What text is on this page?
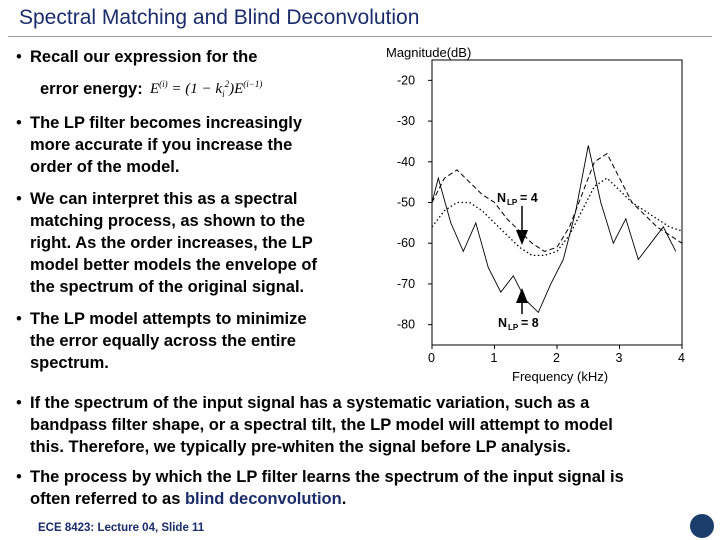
Spectral Matching and Blind Deconvolution
• Recall our expression for the
error energy: $E^{(i)} = (1 - k_i^2)E^{(i-1)}$
• The LP filter becomes increasingly
more accurate if you increase the
order of the model.
• We can interpret this as a spectral
matching process, as shown to the
right. As the order increases, the LP
model better models the envelope of
the spectrum of the original signal.
• The LP model attempts to minimize
the error equally across the entire
spectrum.
• If the spectrum of the input signal has a systematic variation, such as a
bandpass filter shape, or a spectral tilt, the LP model will attempt to model
this. Therefore, we typically pre-whiten the signal before LP analysis.
• The process by which the LP filter learns the spectrum of the input signal is
often referred to as blind deconvolution.
Magnitude(dB)
Frequency (kHz)
-20
-30
-40
-50
-60
-70
-80
0	1	2	3	4
N LP = 4
N LP = 8
ECE 8423: Lecture 04, Slide 11
